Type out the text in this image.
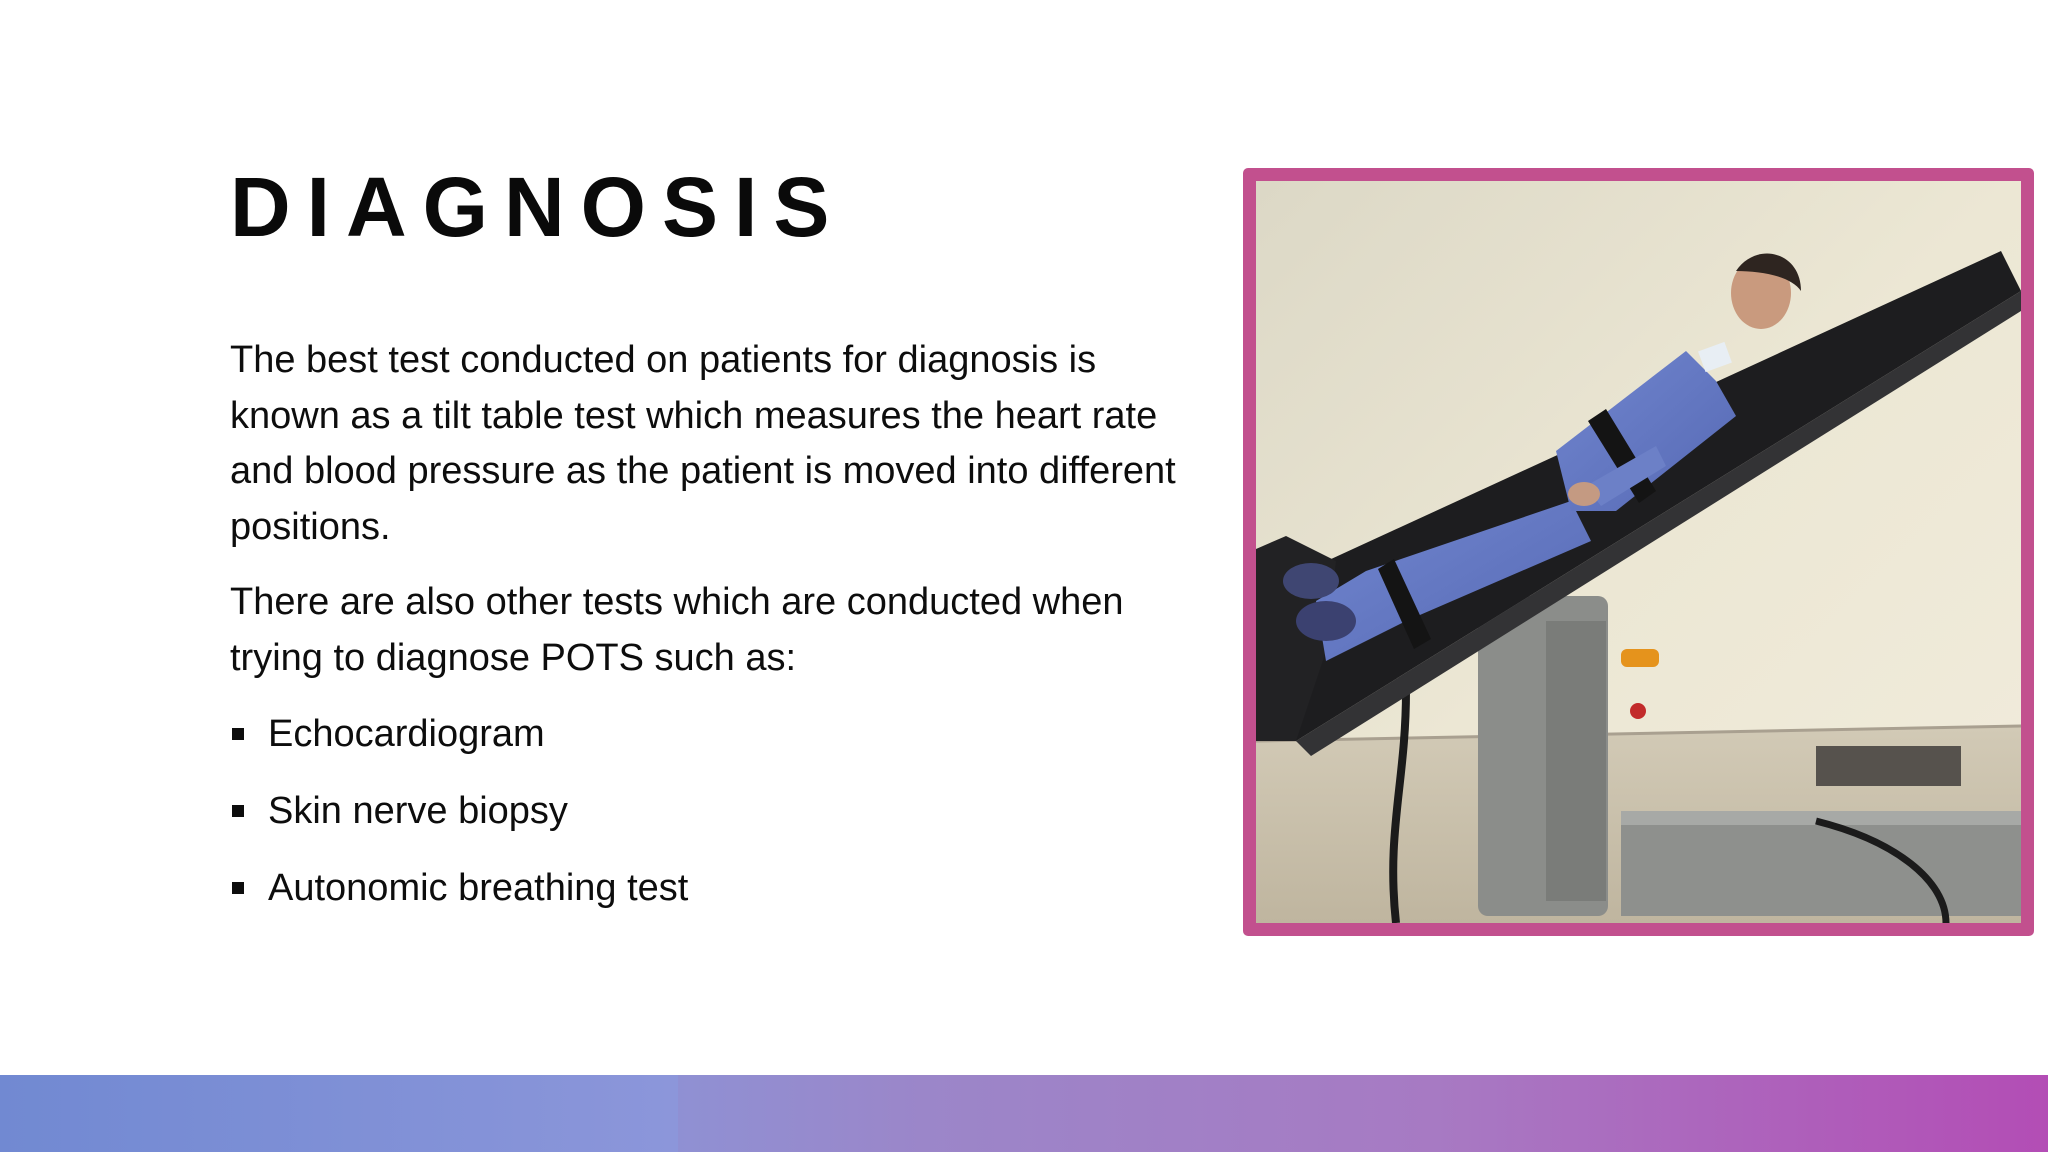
DIAGNOSIS

The best test conducted on patients for diagnosis is known as a tilt table test which measures the heart rate and blood pressure as the patient is moved into different positions.

There are also other tests which are conducted when trying to diagnose POTS such as:

Echocardiogram
Skin nerve biopsy
Autonomic breathing test
